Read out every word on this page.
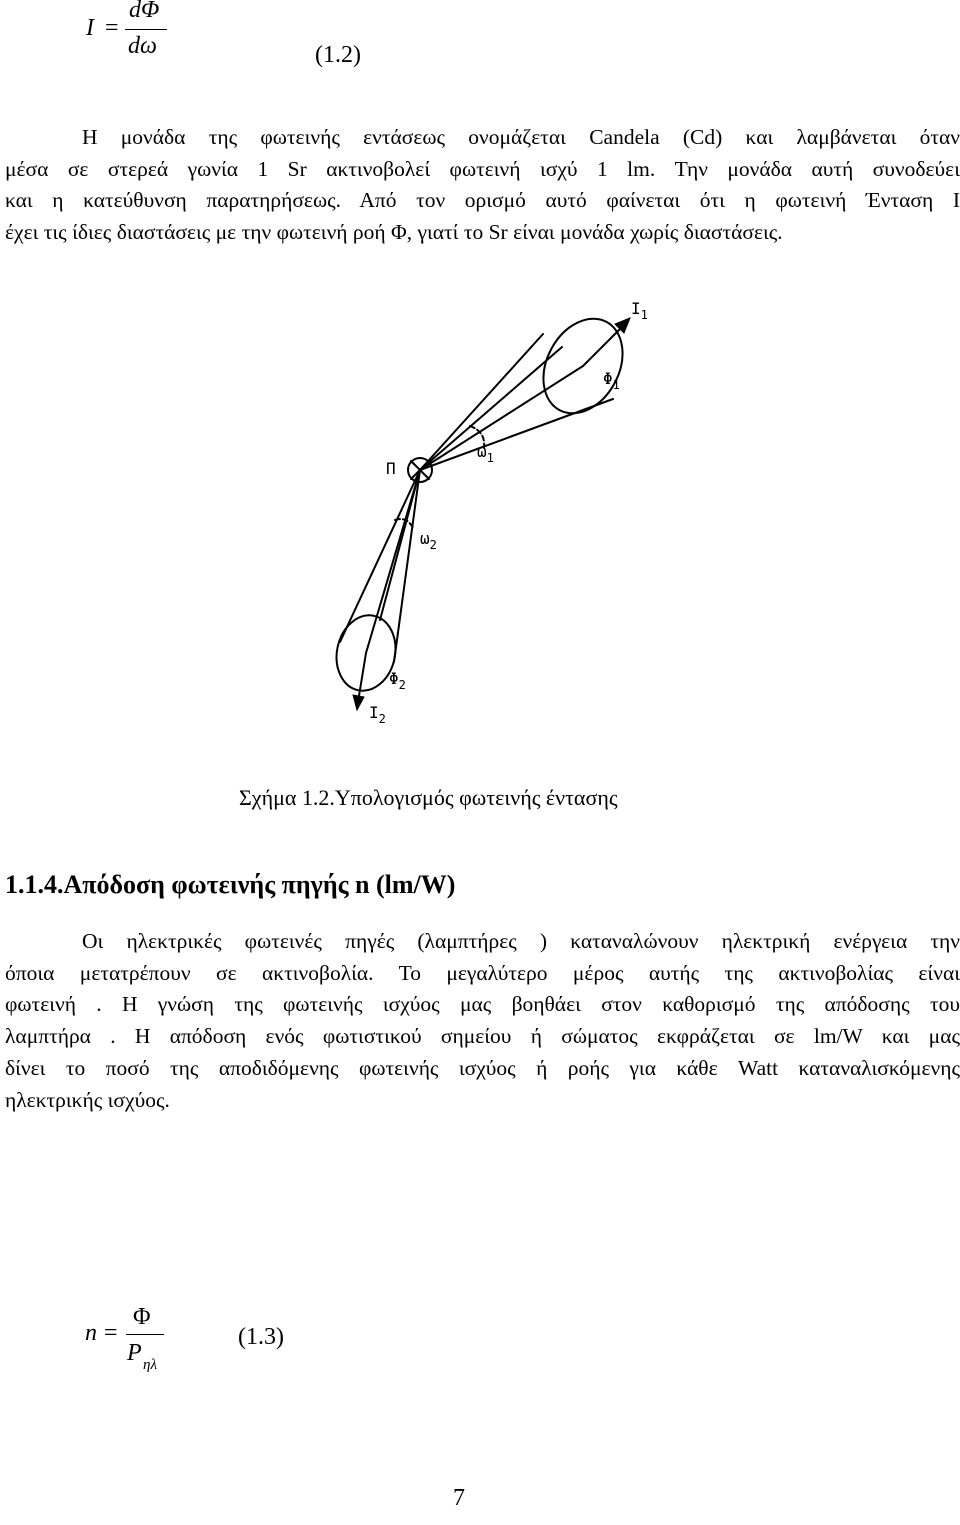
I =
dΦ
dω	(1.2)
Η μονάδα της φωτεινής εντάσεως ονομάζεται Candela (Cd) και λαμβάνεται όταν
μέσα σε στερεά γωνία 1 Sr ακτινοβολεί φωτεινή ισχύ 1 lm. Την μονάδα αυτή συνοδεύει
και η κατεύθυνση παρατηρήσεως. Από τον ορισμό αυτό φαίνεται ότι η φωτεινή Ένταση Ι
έχει τις ίδιες διαστάσεις με την φωτεινή ροή Φ, γιατί το Sr είναι μονάδα χωρίς διαστάσεις.
Π
$I_1$
$\Phi_1$
$\omega_1$
$\omega_2$
$\Phi_2$
$I_2$
Σχήμα 1.2.Υπολογισμός φωτεινής έντασης
1.1.4.Απόδοση φωτεινής πηγής n (lm/W)
Οι ηλεκτρικές φωτεινές πηγές (λαμπτήρες ) καταναλώνουν ηλεκτρική ενέργεια την
όποια μετατρέπουν σε ακτινοβολία. Το μεγαλύτερο μέρος αυτής της ακτινοβολίας είναι
φωτεινή . Η γνώση της φωτεινής ισχύος μας βοηθάει στον καθορισμό της απόδοσης του
λαμπτήρα . Η απόδοση ενός φωτιστικού σημείου ή σώματος εκφράζεται σε lm/W και μας
δίνει το ποσό της αποδιδόμενης φωτεινής ισχύος ή ροής για κάθε Watt καταναλισκόμενης
ηλεκτρικής ισχύος.
n =
Φ
P ηλ
(1.3)
7
